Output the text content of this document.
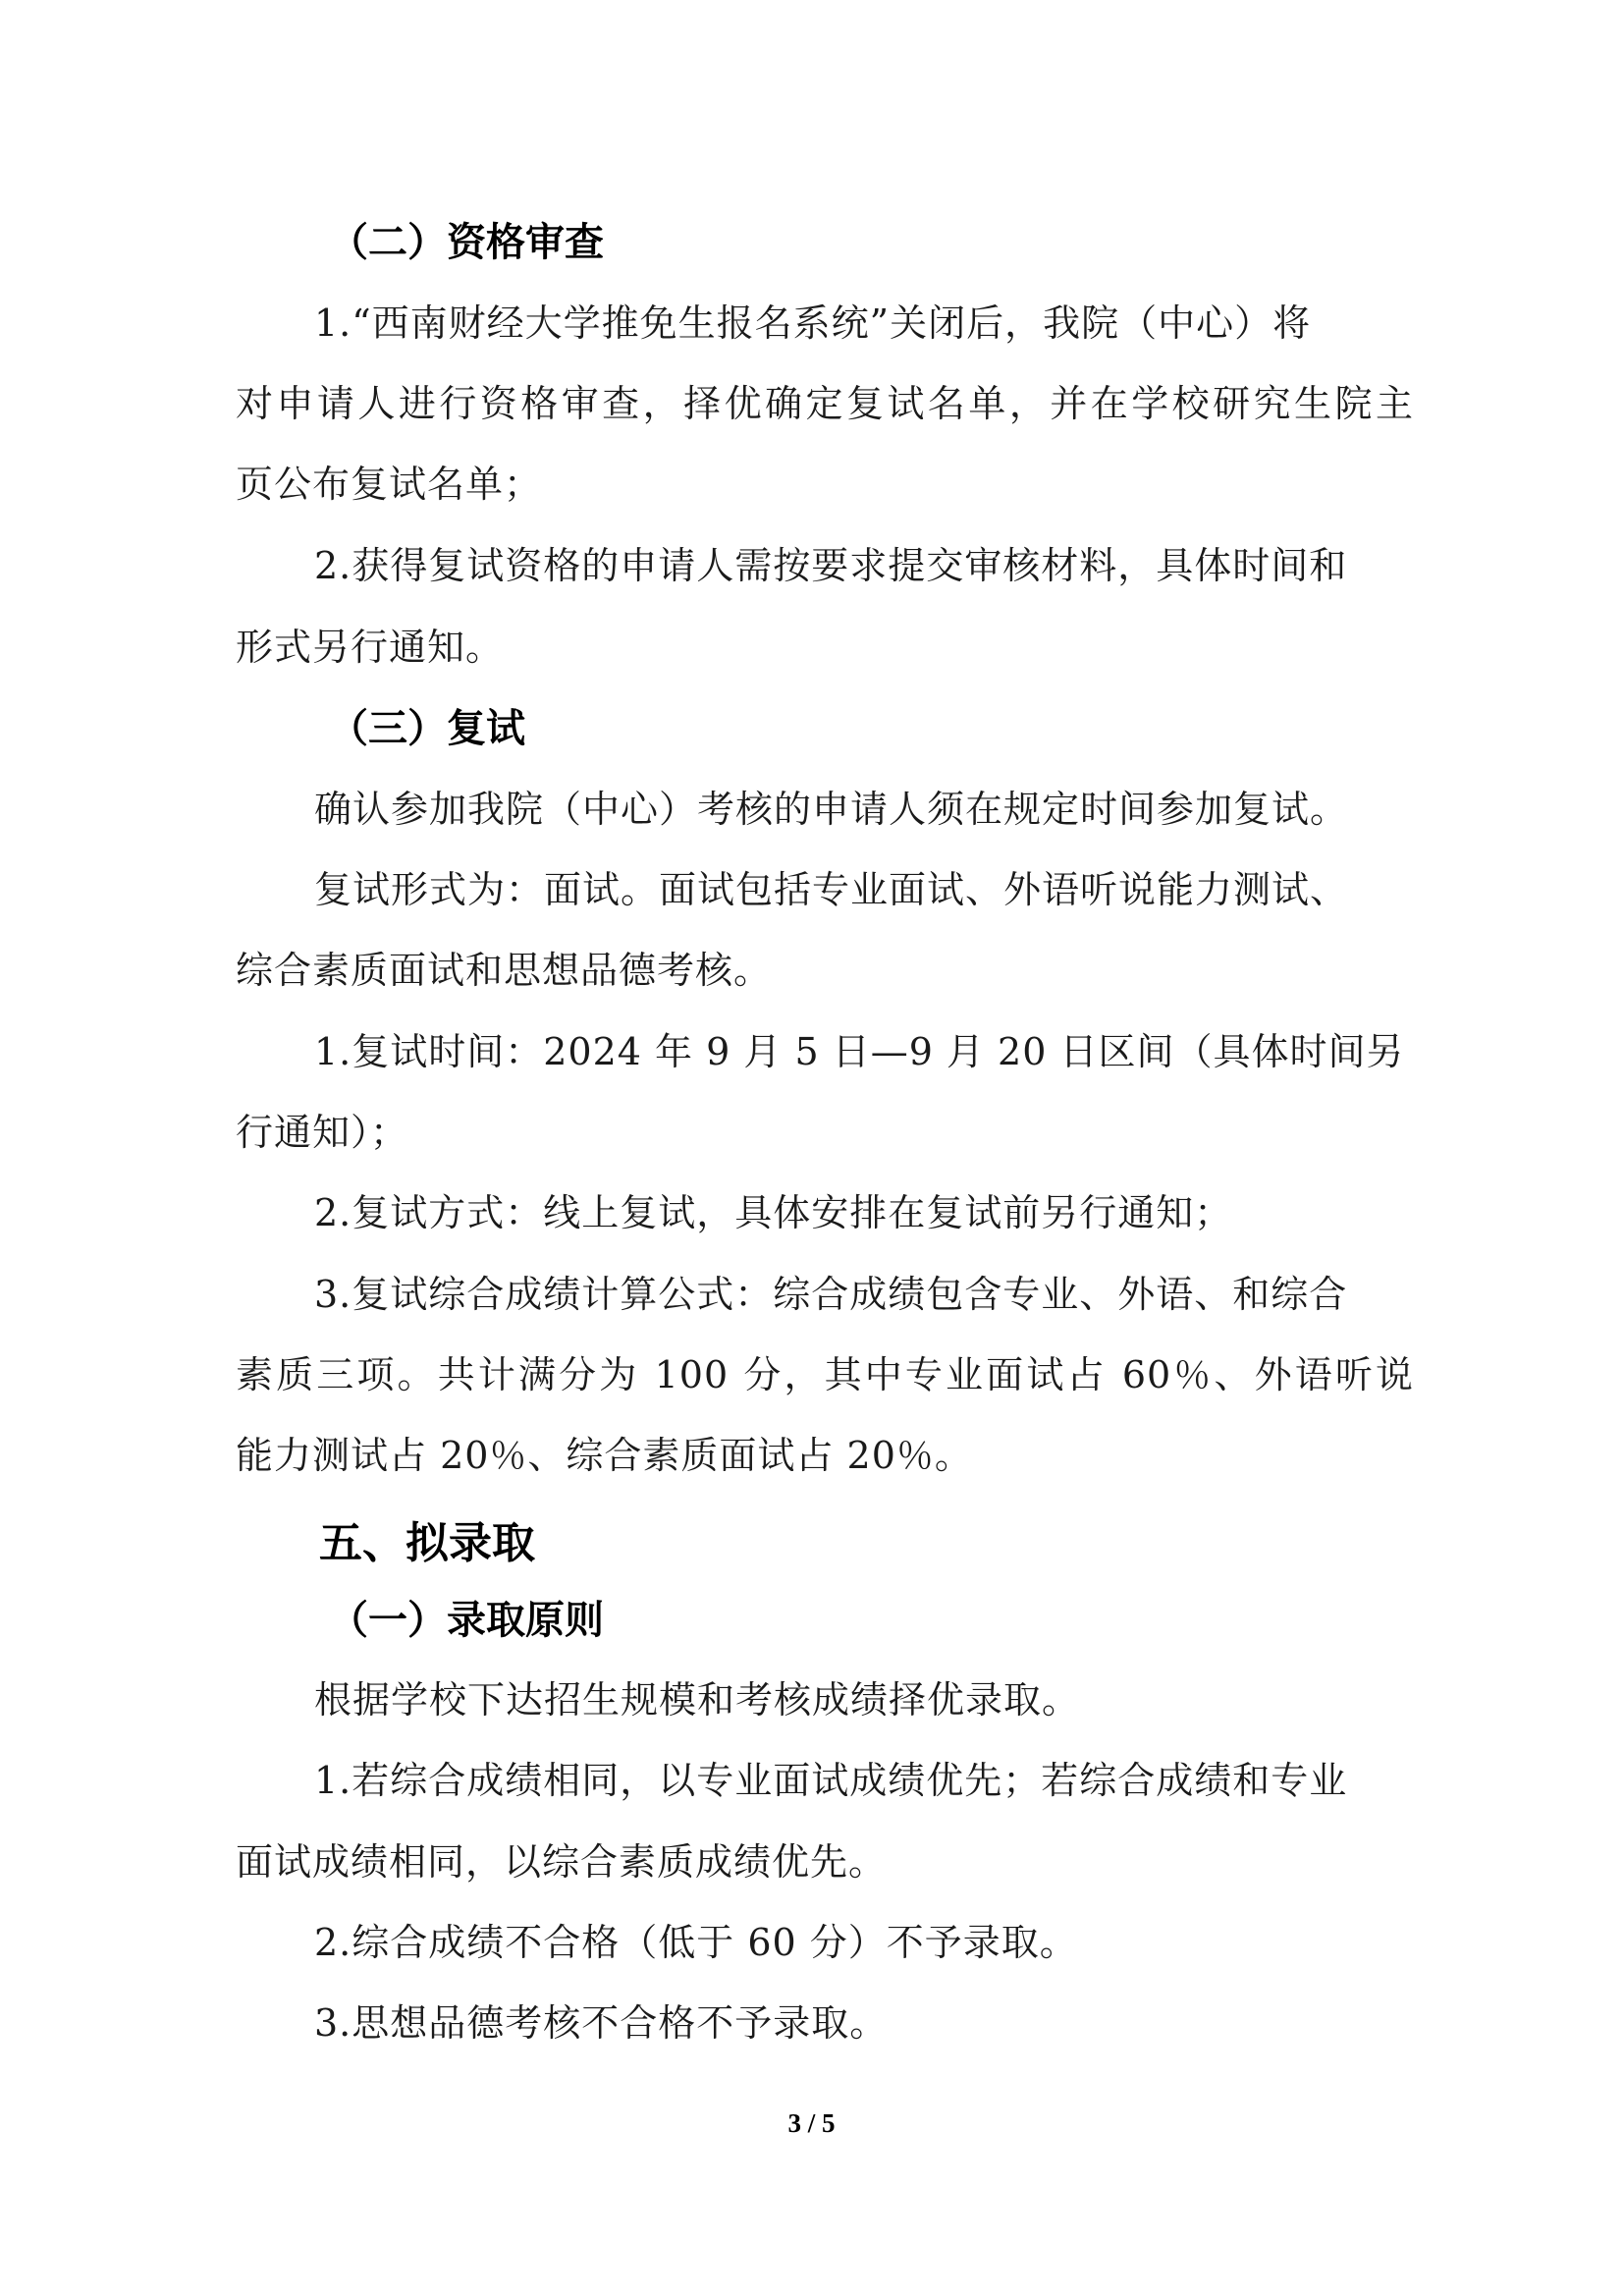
（二）资格审查
1.“西南财经大学推免生报名系统”关闭后，我院（中心）将
对申请人进行资格审查，择优确定复试名单，并在学校研究生院主
页公布复试名单；
2.获得复试资格的申请人需按要求提交审核材料，具体时间和
形式另行通知。
（三）复试
确认参加我院（中心）考核的申请人须在规定时间参加复试。
复试形式为：面试。面试包括专业面试、外语听说能力测试、
综合素质面试和思想品德考核。
1.复试时间：2024 年 9 月 5 日—9 月 20 日区间（具体时间另
行通知）；
2.复试方式：线上复试，具体安排在复试前另行通知；
3.复试综合成绩计算公式：综合成绩包含专业、外语、和综合
素质三项。共计满分为 100 分，其中专业面试占 60％、外语听说
能力测试占 20％、综合素质面试占 20％。
五、拟录取
（一）录取原则
根据学校下达招生规模和考核成绩择优录取。
1.若综合成绩相同，以专业面试成绩优先；若综合成绩和专业
面试成绩相同，以综合素质成绩优先。
2.综合成绩不合格（低于 60 分）不予录取。
3.思想品德考核不合格不予录取。
3 / 5
